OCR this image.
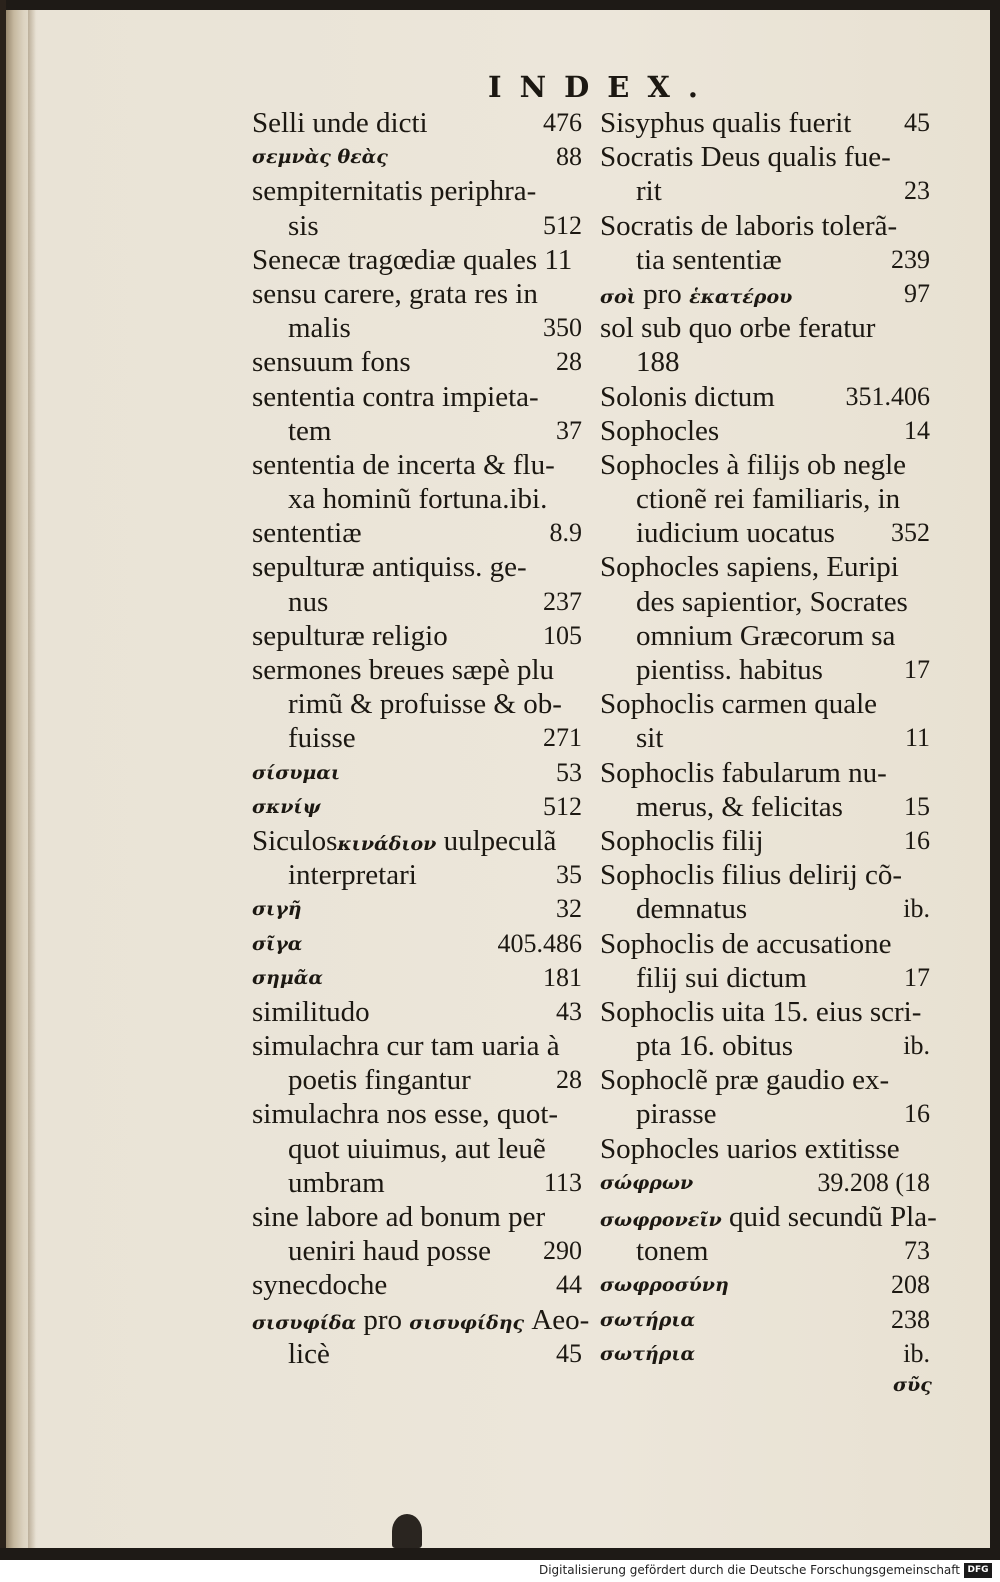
INDEX.
Selli unde dicti	476
σεμνὰς θεὰς	88
sempiternitatis periphra-
sis	512
Senecæ tragœdiæ quales 11
sensu carere, grata res in
malis	350
sensuum fons	28
sententia contra impieta-
tem	37
sententia de incerta & flu-
xa hominũ fortuna.ibi.
sententiæ	8.9
sepulturæ antiquiss. ge-
nus	237
sepulturæ religio	105
sermones breues sæpè plu
rimũ & profuisse & ob-
fuisse	271
σίσυμαι	53
σκνίψ	512
Siculosκινάδιον uulpeculã
interpretari	35
σιγῆ	32
σῖγα	405.486
σημᾶα	181
similitudo	43
simulachra cur tam uaria à
poetis fingantur	28
simulachra nos esse, quot-
quot uiuimus, aut leuẽ
umbram	113
sine labore ad bonum per
ueniri haud posse 290
synecdoche	44
σισυφίδα pro σισυφίδης Aeo-
licè	45
Sisyphus qualis fuerit 45
Socratis Deus qualis fue-
rit	23
Socratis de laboris tolerã-
tia sententiæ	239
σοὶ pro ἑκατέρου	97
sol sub quo orbe feratur
188
Solonis dictum	351.406
Sophocles	14
Sophocles à filijs ob negle
ctionẽ rei familiaris, in
iudicium uocatus 352
Sophocles sapiens, Euripi
des sapientior, Socrates
omnium Græcorum sa
pientiss. habitus	17
Sophoclis carmen quale
sit	11
Sophoclis fabularum nu-
merus, & felicitas 15
Sophoclis filij	16
Sophoclis filius delirij cõ-
demnatus	ib.
Sophoclis de accusatione
filij sui dictum	17
Sophoclis uita 15. eius scri-
pta 16. obitus	ib.
Sophoclẽ præ gaudio ex-
pirasse	16
Sophocles uarios extitisse
σώφρων	39.208 (18
σωφρονεῖν quid secundũ Pla-
tonem	73
σωφροσύνη	208
σωτήρια	238
σωτήρια	ib.
σῦς
Digitalisierung gefördert durch die Deutsche Forschungsgemeinschaft DFG
